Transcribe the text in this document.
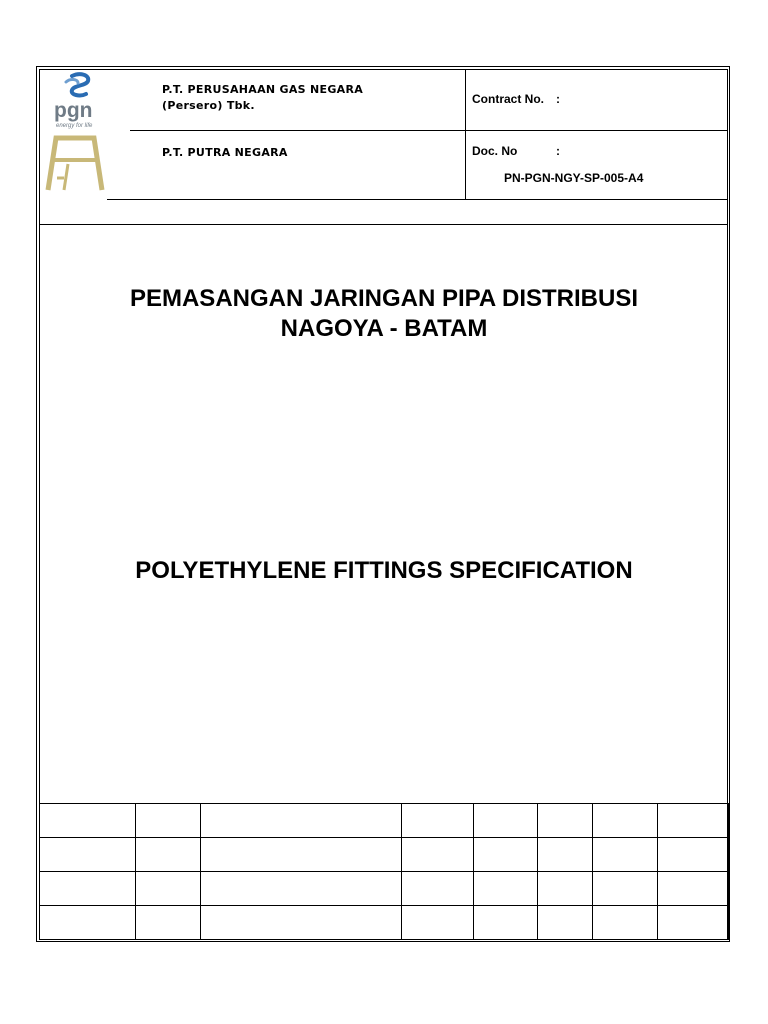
pgn
energy for life
P.T. PERUSAHAAN GAS NEGARA
(Persero) Tbk.
P.T. PUTRA NEGARA
Contract No. :
Doc. No	:
PN-PGN-NGY-SP-005-A4
PEMASANGAN JARINGAN PIPA DISTRIBUSI
NAGOYA - BATAM
POLYETHYLENE FITTINGS SPECIFICATION
